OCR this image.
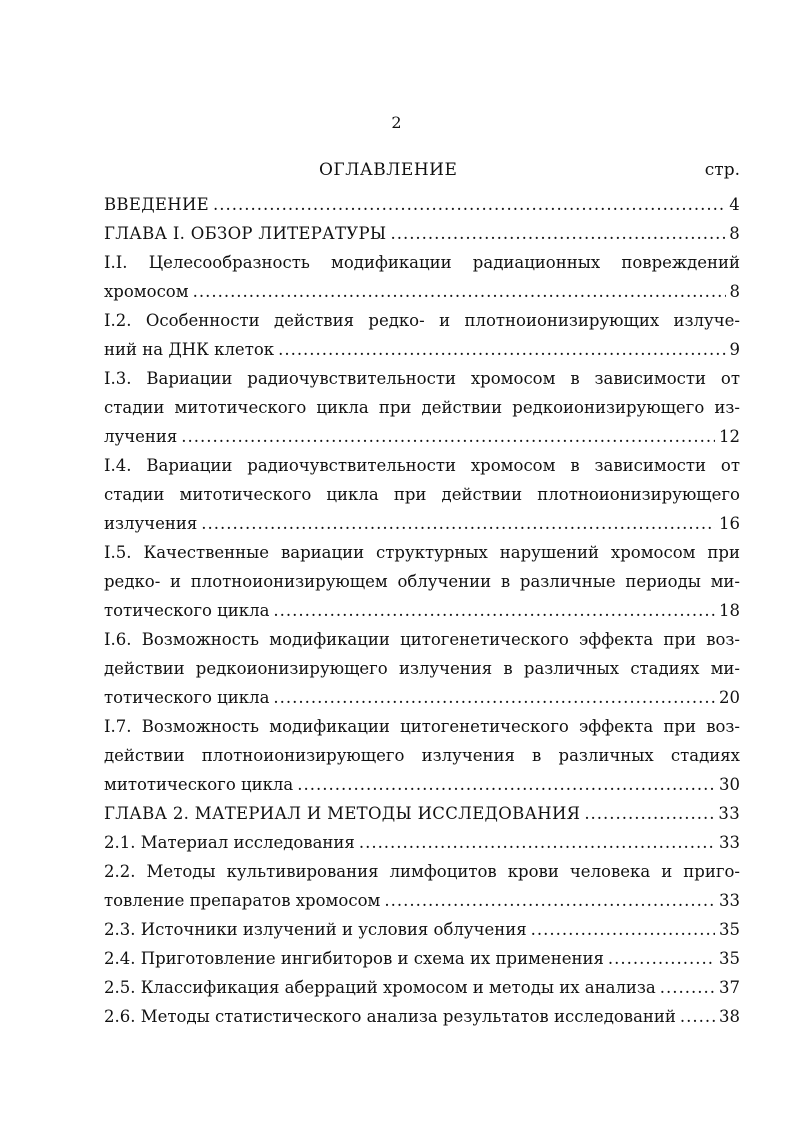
2
ОГЛАВЛЕНИЕ	стр.
ВВЕДЕНИЕ .....	4
ГЛАВА I. ОБЗОР ЛИТЕРАТУРЫ .....	8
I.I. Целесообразность модификации радиационных повреждений
хромосом .....	8
I.2. Особенности действия редко- и плотноионизирующих излуче-
ний на ДНК клеток .....	9
I.3. Вариации радиочувствительности хромосом в зависимости от
стадии митотического цикла при действии редкоионизирующего из-
лучения .....	12
I.4. Вариации радиочувствительности хромосом в зависимости от
стадии митотического цикла при действии плотноионизирующего
излучения .....	16
I.5. Качественные вариации структурных нарушений хромосом при
редко- и плотноионизирующем облучении в различные периоды ми-
тотического цикла .....	18
I.6. Возможность модификации цитогенетического эффекта при воз-
действии редкоионизирующего излучения в различных стадиях ми-
тотического цикла .....	20
I.7. Возможность модификации цитогенетического эффекта при воз-
действии плотноионизирующего излучения в различных стадиях
митотического цикла .....	30
ГЛАВА 2. МАТЕРИАЛ И МЕТОДЫ ИССЛЕДОВАНИЯ .....	33
2.1. Материал исследования .....	33
2.2. Методы культивирования лимфоцитов крови человека и приго-
товление препаратов хромосом .....	33
2.3. Источники излучений и условия облучения .....	35
2.4. Приготовление ингибиторов и схема их применения .....	35
2.5. Классификация аберраций хромосом и методы их анализа .....	37
2.6. Методы статистического анализа результатов исследований .....	38
